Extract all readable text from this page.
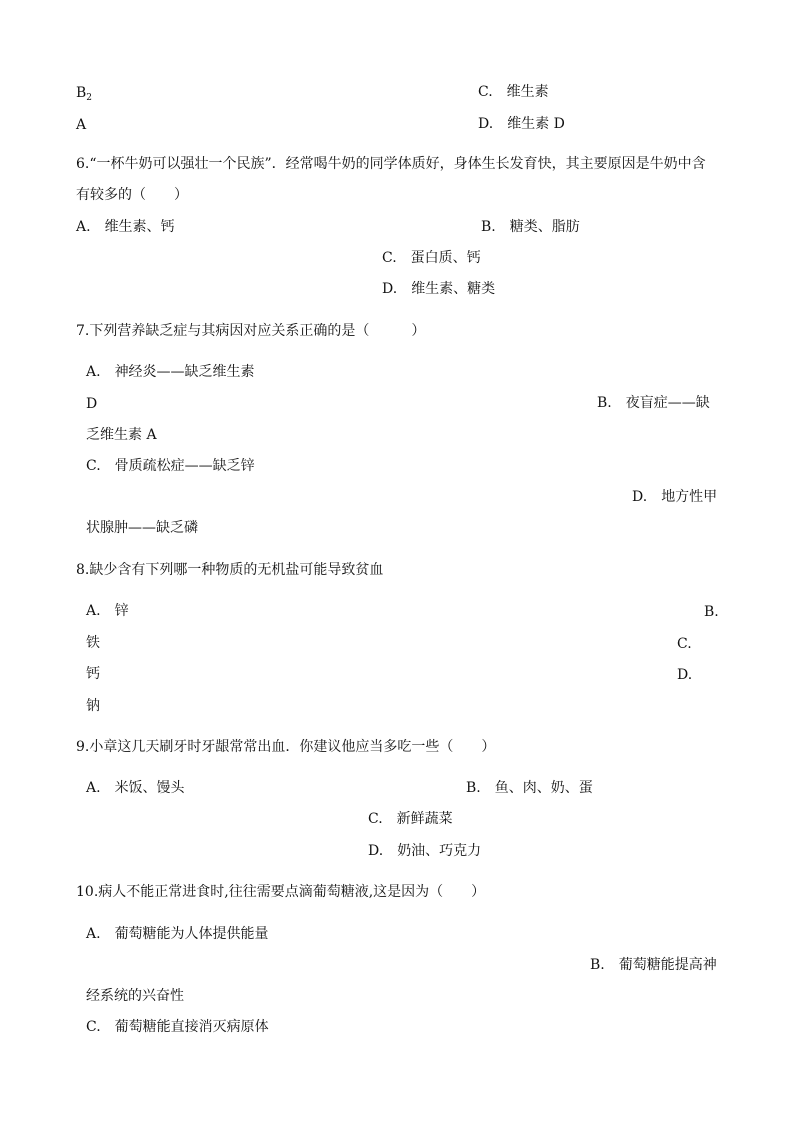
$B_2$	C. 维生素
A	D. 维生素 D
6.“一杯牛奶可以强壮一个民族”．经常喝牛奶的同学体质好，身体生长发育快，其主要原因是牛奶中含
有较多的（　　）
A. 维生素、钙	B. 糖类、脂肪
C. 蛋白质、钙
D. 维生素、糖类
7.下列营养缺乏症与其病因对应关系正确的是（　　　）
A. 神经炎——缺乏维生素
D	B. 夜盲症——缺
乏维生素 A
C. 骨质疏松症——缺乏锌
D. 地方性甲
状腺肿——缺乏磷
8.缺少含有下列哪一种物质的无机盐可能导致贫血
A. 锌	B.
铁	C.
钙	D.
钠
9.小章这几天刷牙时牙龈常常出血．你建议他应当多吃一些（　　）
A. 米饭、馒头	B. 鱼、肉、奶、蛋
C. 新鲜蔬菜
D. 奶油、巧克力
10.病人不能正常进食时,往往需要点滴葡萄糖液,这是因为（　　）
A. 葡萄糖能为人体提供能量
B. 葡萄糖能提高神
经系统的兴奋性
C. 葡萄糖能直接消灭病原体
